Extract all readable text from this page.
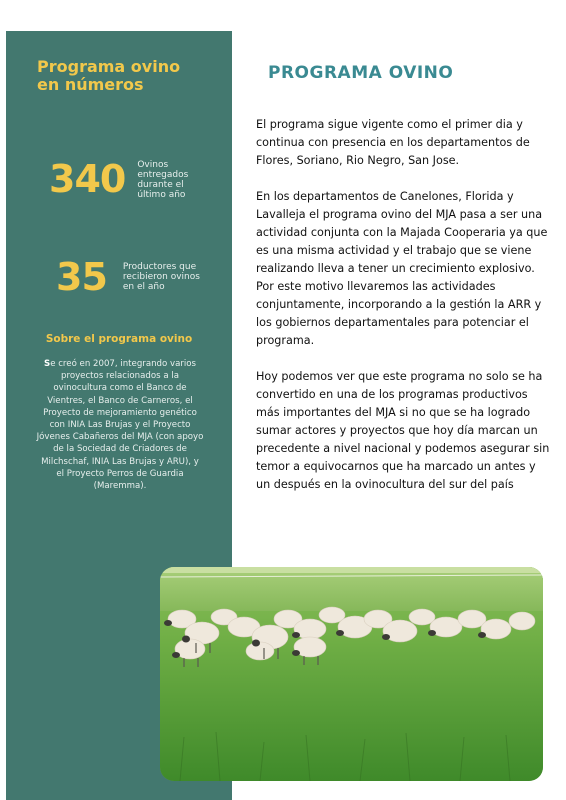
Programa ovino en números
340 Ovinos
entregados
durante el
último año
35 Productores que
recibieron ovinos
en el año
Sobre el programa ovino

Se creó en 2007, integrando varios proyectos relacionados a la ovinocultura como el Banco de Vientres, el Banco de Carneros, el Proyecto de mejoramiento genético con INIA Las Brujas y el Proyecto Jóvenes Cabañeros del MJA (con apoyo de la Sociedad de Criadores de Milchschaf, INIA Las Brujas y ARU), y el Proyecto Perros de Guardia (Maremma).

PROGRAMA OVINO

El programa sigue vigente como el primer dia y continua con presencia en los departamentos de Flores, Soriano, Rio Negro, San Jose.

En los departamentos de Canelones, Florida y Lavalleja el programa ovino del MJA pasa a ser una actividad conjunta con la Majada Cooperaria ya que es una misma actividad y el trabajo que se viene realizando lleva a tener un crecimiento explosivo.

Por este motivo llevaremos las actividades conjuntamente, incorporando a la gestión la ARR y los gobiernos departamentales para potenciar el programa.

Hoy podemos ver que este programa no solo se ha convertido en una de los programas productivos más importantes del MJA si no que se ha logrado sumar actores y proyectos que hoy día marcan un precedente a nivel nacional y podemos asegurar sin temor a equivocarnos que ha marcado un antes y un después en la ovinocultura del sur del país
